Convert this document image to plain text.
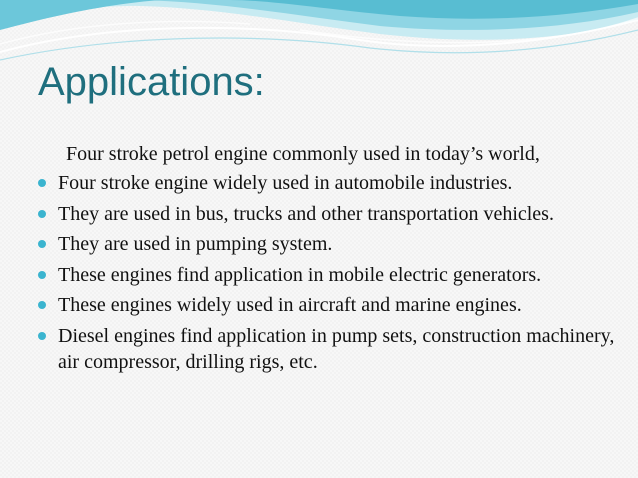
Applications:

Four stroke petrol engine commonly used in today’s world,

Four stroke engine widely used in automobile industries.
They are used in bus, trucks and other transportation vehicles.
They are used in pumping system.
These engines find application in mobile electric generators.
These engines widely used in aircraft and marine engines.
Diesel engines find application in pump sets, construction machinery, air compressor, drilling rigs, etc.
